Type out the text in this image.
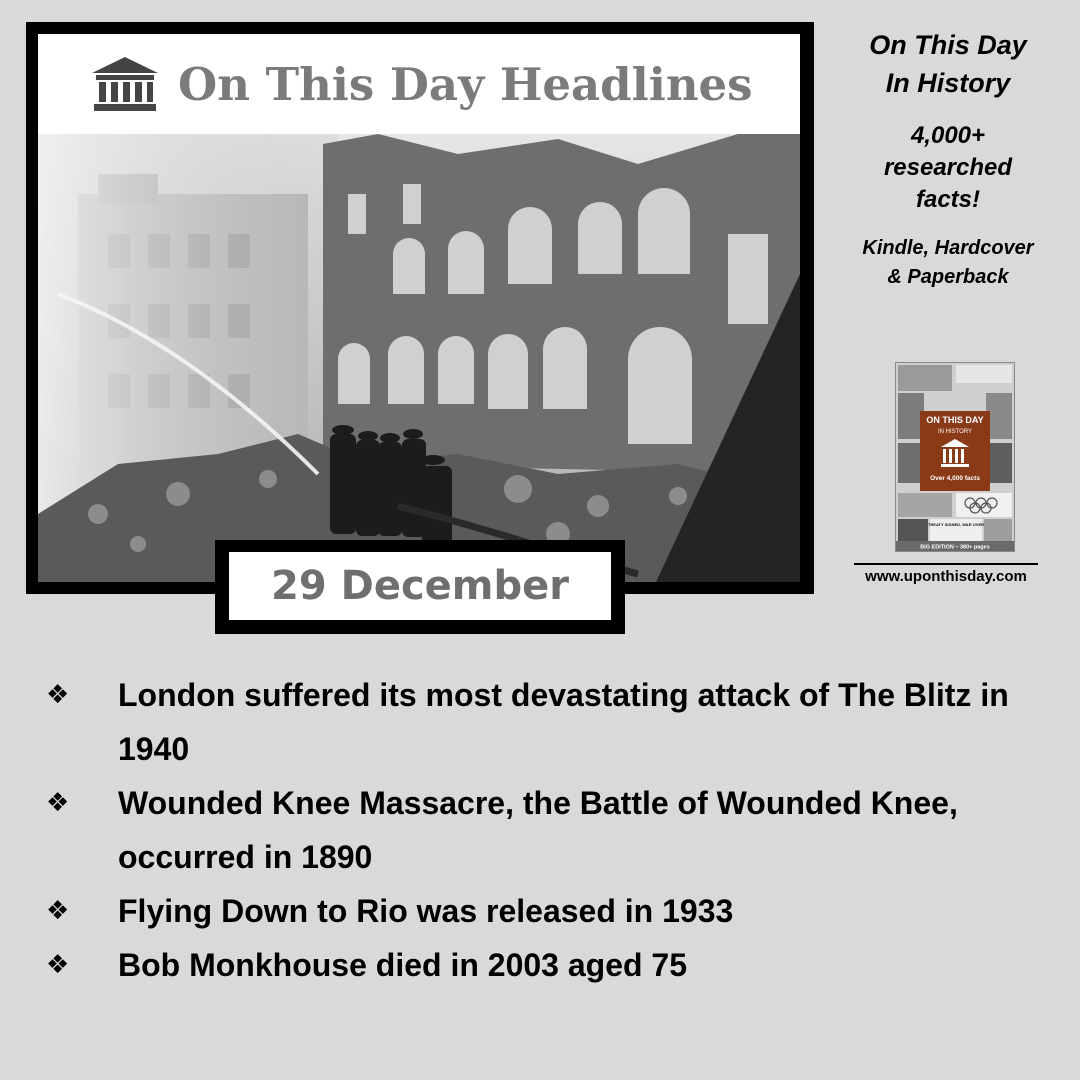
On This Day Headlines
29 December
On This Day
In History
4,000+
researched
facts!
Kindle, Hardcover
& Paperback
ON THIS DAY
IN HISTORY
Over 4,000 facts
TREATY SIGNED, WAR OVER
BIG EDITION – 380+ pages
www.uponthisday.com
❖ London suffered its most devastating attack of The Blitz in 1940
❖ Wounded Knee Massacre, the Battle of Wounded Knee, occurred in 1890
❖ Flying Down to Rio was released in 1933
❖ Bob Monkhouse died in 2003 aged 75
